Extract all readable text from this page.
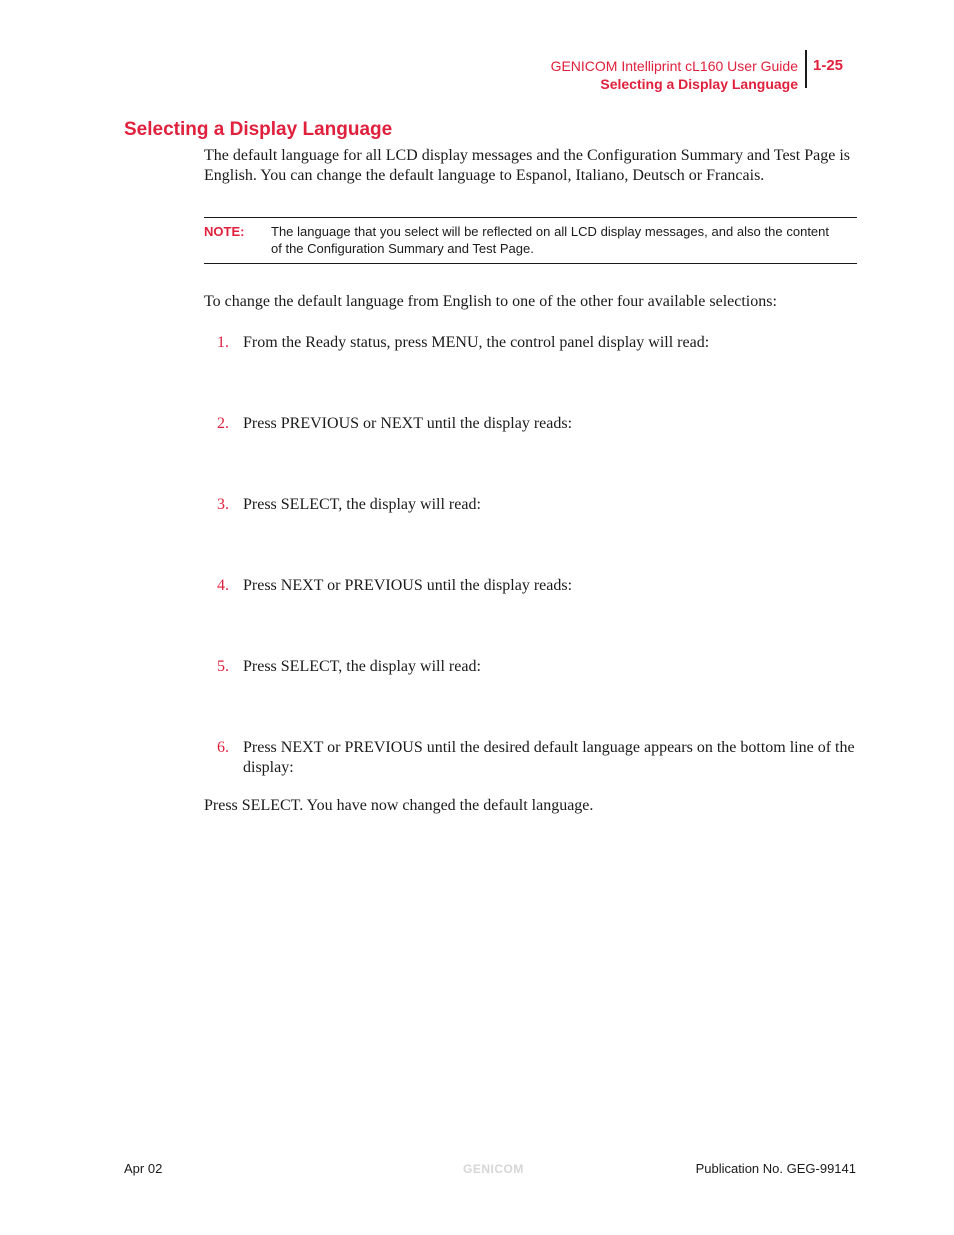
GENICOM Intelliprint cL160 User Guide
Selecting a Display Language
1-25
Selecting a Display Language

The default language for all LCD display messages and the Configuration Summary and Test Page is English. You can change the default language to Espanol, Italiano, Deutsch or Francais.

NOTE: The language that you select will be reflected on all LCD display messages, and also the content of the Configuration Summary and Test Page.

To change the default language from English to one of the other four available selections:

1. From the Ready status, press MENU, the control panel display will read:
2. Press PREVIOUS or NEXT until the display reads:
3. Press SELECT, the display will read:
4. Press NEXT or PREVIOUS until the display reads:
5. Press SELECT, the display will read:
6. Press NEXT or PREVIOUS until the desired default language appears on the bottom line of the display:

Press SELECT. You have now changed the default language.

Apr 02	GENICOM	Publication No. GEG-99141
